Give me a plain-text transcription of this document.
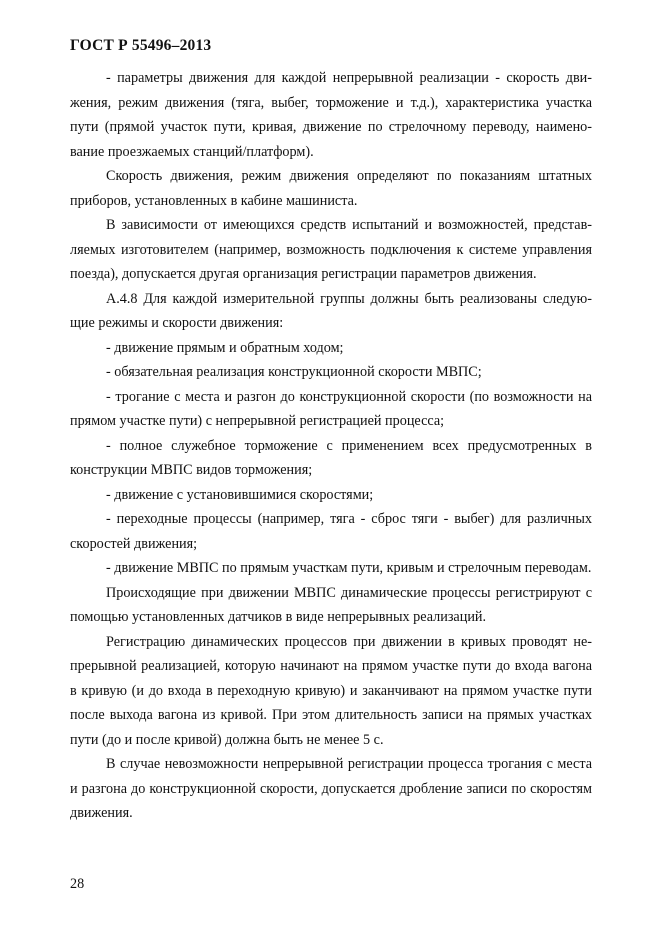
ГОСТ Р 55496–2013

- параметры движения для каждой непрерывной реализации - скорость движения, режим движения (тяга, выбег, торможение и т.д.), характеристика участка пути (прямой участок пути, кривая, движение по стрелочному переводу, наименование проезжаемых станций/платформ).

Скорость движения, режим движения определяют по показаниям штатных приборов, установленных в кабине машиниста.

В зависимости от имеющихся средств испытаний и возможностей, представляемых изготовителем (например, возможность подключения к системе управления поезда), допускается другая организация регистрации параметров движения.

А.4.8 Для каждой измерительной группы должны быть реализованы следующие режимы и скорости движения:

- движение прямым и обратным ходом;

- обязательная реализация конструкционной скорости МВПС;

- трогание с места и разгон до конструкционной скорости (по возможности на прямом участке пути) с непрерывной регистрацией процесса;

- полное служебное торможение с применением всех предусмотренных в конструкции МВПС видов торможения;

- движение с установившимися скоростями;

- переходные процессы (например, тяга - сброс тяги - выбег) для различных скоростей движения;

- движение МВПС по прямым участкам пути, кривым и стрелочным переводам.

Происходящие при движении МВПС динамические процессы регистрируют с помощью установленных датчиков в виде непрерывных реализаций.

Регистрацию динамических процессов при движении в кривых проводят непрерывной реализацией, которую начинают на прямом участке пути до входа вагона в кривую (и до входа в переходную кривую) и заканчивают на прямом участке пути после выхода вагона из кривой. При этом длительность записи на прямых участках пути (до и после кривой) должна быть не менее 5 с.

В случае невозможности непрерывной регистрации процесса трогания с места и разгона до конструкционной скорости, допускается дробление записи по скоростям движения.

28
